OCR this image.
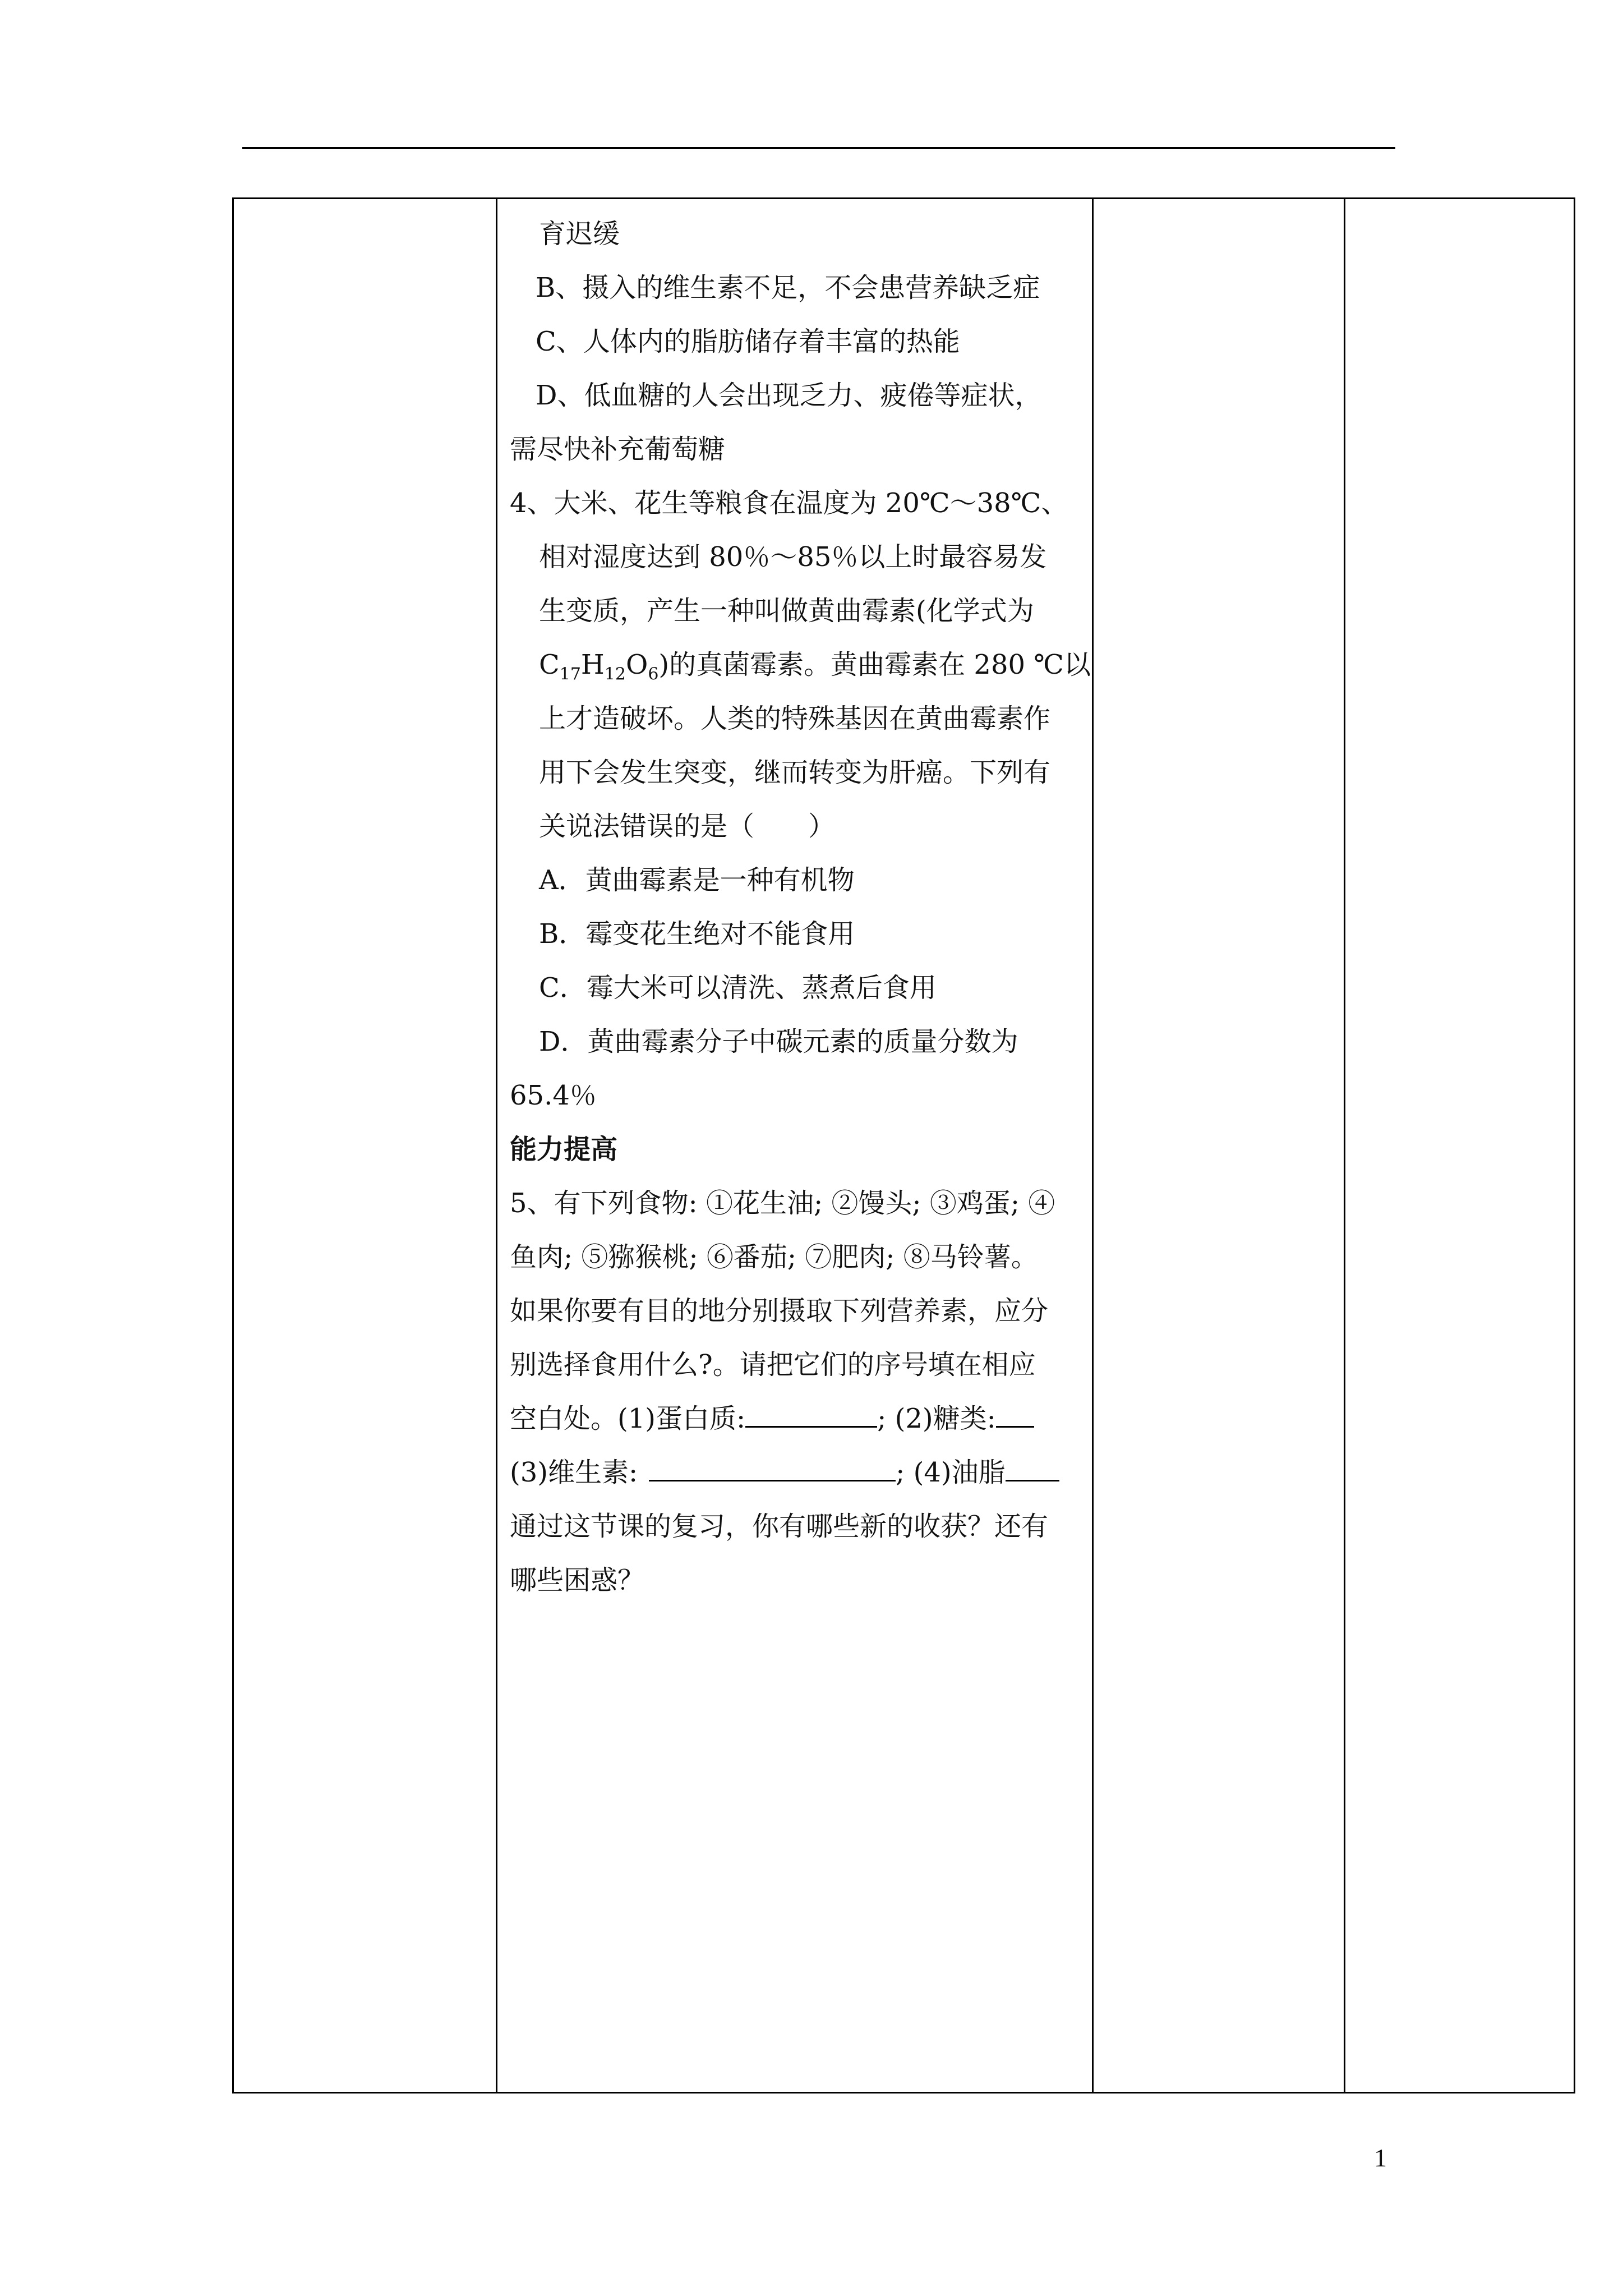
育迟缓
B、摄入的维生素不足，不会患营养缺乏症
C、人体内的脂肪储存着丰富的热能
D、低血糖的人会出现乏力、疲倦等症状，
需尽快补充葡萄糖
4、大米、花生等粮食在温度为 20℃～38℃、
相对湿度达到 80％～85％以上时最容易发
生变质，产生一种叫做黄曲霉素(化学式为
$C_{17}H_{12}O_6$)的真菌霉素。黄曲霉素在 280 ℃以
上才造破坏。人类的特殊基因在黄曲霉素作
用下会发生突变，继而转变为肝癌。下列有
关说法错误的是（　　）
A．黄曲霉素是一种有机物
B．霉变花生绝对不能食用
C．霉大米可以清洗、蒸煮后食用
D．黄曲霉素分子中碳元素的质量分数为
65.4％
能力提高
5、有下列食物: ①花生油; ②馒头; ③鸡蛋; ④
鱼肉; ⑤猕猴桃; ⑥番茄; ⑦肥肉; ⑧马铃薯。
如果你要有目的地分别摄取下列营养素，应分
别选择食用什么?。请把它们的序号填在相应
空白处。(1)蛋白质:	; (2)糖类:
(3)维生素:	; (4)油脂
通过这节课的复习，你有哪些新的收获？还有
哪些困惑？

1
